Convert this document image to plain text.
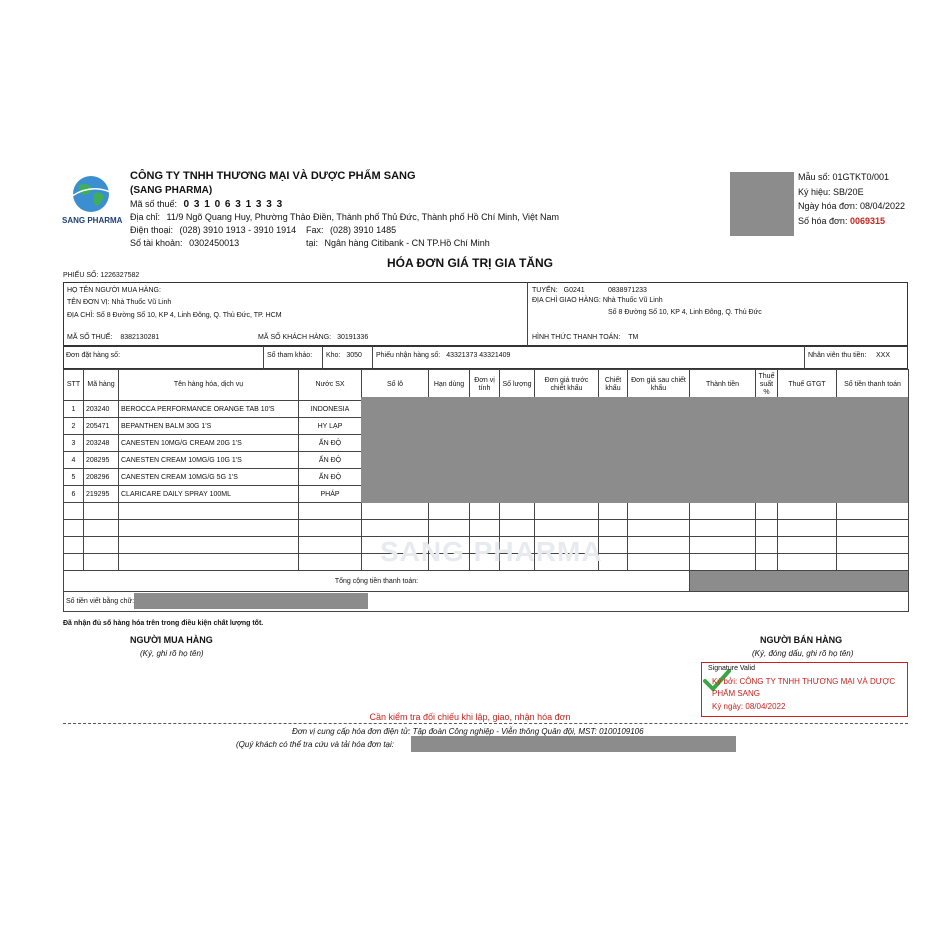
SANG PHARMA
CÔNG TY TNHH THƯƠNG MẠI VÀ DƯỢC PHẨM SANG
(SANG PHARMA)
Mã số thuế: 0 3 1 0 6 3 1 3 3 3
Địa chỉ: 11/9 Ngõ Quang Huy, Phường Thảo Điền, Thành phố Thủ Đức, Thành phố Hồ Chí Minh, Việt Nam
Điện thoại: (028) 3910 1913 - 3910 1914 Fax: (028) 3910 1485
Số tài khoản: 0302450013	tại: Ngân hàng Citibank - CN TP.Hồ Chí Minh
Mẫu số: 01GTKT0/001
Ký hiệu: SB/20E
Ngày hóa đơn: 08/04/2022
Số hóa đơn: 0069315
HÓA ĐƠN GIÁ TRỊ GIA TĂNG
PHIẾU SỐ: 1226327582
HỌ TÊN NGƯỜI MUA HÀNG:
TÊN ĐƠN VỊ: Nhà Thuốc Vũ Linh
ĐỊA CHỈ: Số 8 Đường Số 10, KP 4, Linh Đông, Q. Thủ Đức, TP. HCM
MÃ SỐ THUẾ: 8382130281	MÃ SỐ KHÁCH HÀNG: 30191336
TUYẾN: G0241	0838971233
ĐỊA CHỈ GIAO HÀNG: Nhà Thuốc Vũ Linh
Số 8 Đường Số 10, KP 4, Linh Đông, Q. Thủ Đức
HÌNH THỨC THANH TOÁN: TM
Đơn đặt hàng số:	Số tham khảo: Kho: 3050 Phiếu nhận hàng số: 43321373 43321409	Nhân viên thu tiền: XXX
STT	Mã hàng	Tên hàng hóa, dịch vụ	Nước SX	Số lô	Hạn dùng	Đơn vị tính	Số lượng	Đơn giá trước chiết khấu	Chiết khấu	Đơn giá sau chiết khấu	Thành tiền	Thuế suất %	Thuế GTGT	Số tiền thanh toán
1	203240	BEROCCA PERFORMANCE ORANGE TAB 10'S	INDONESIA											
2	205471	BEPANTHEN BALM 30G 1'S	HY LẠP											
3	203248	CANESTEN 10MG/G CREAM 20G 1'S	ẤN ĐỘ											
4	208295	CANESTEN CREAM 10MG/G 10G 1'S	ẤN ĐỘ											
5	208296	CANESTEN CREAM 10MG/G 5G 1'S	ẤN ĐỘ											
6	219295	CLARICARE DAILY SPRAY 100ML	PHÁP											

Tổng cộng tiền thanh toán:														
Số tiền viết bằng chữ:														
SANG PHARMA
Đã nhận đủ số hàng hóa trên trong điều kiện chất lượng tốt.
NGƯỜI MUA HÀNG
(Ký, ghi rõ họ tên)
NGƯỜI BÁN HÀNG
(Ký, đóng dấu, ghi rõ họ tên)
Signature Valid
Ký bởi: CÔNG TY TNHH THƯƠNG MẠI VÀ DƯỢC
PHẨM SANG
Ký ngày: 08/04/2022
Cần kiểm tra đối chiếu khi lập, giao, nhận hóa đơn
Đơn vị cung cấp hóa đơn điện tử: Tập đoàn Công nghiệp - Viễn thông Quân đội, MST: 0100109106
(Quý khách có thể tra cứu và tải hóa đơn tại:
